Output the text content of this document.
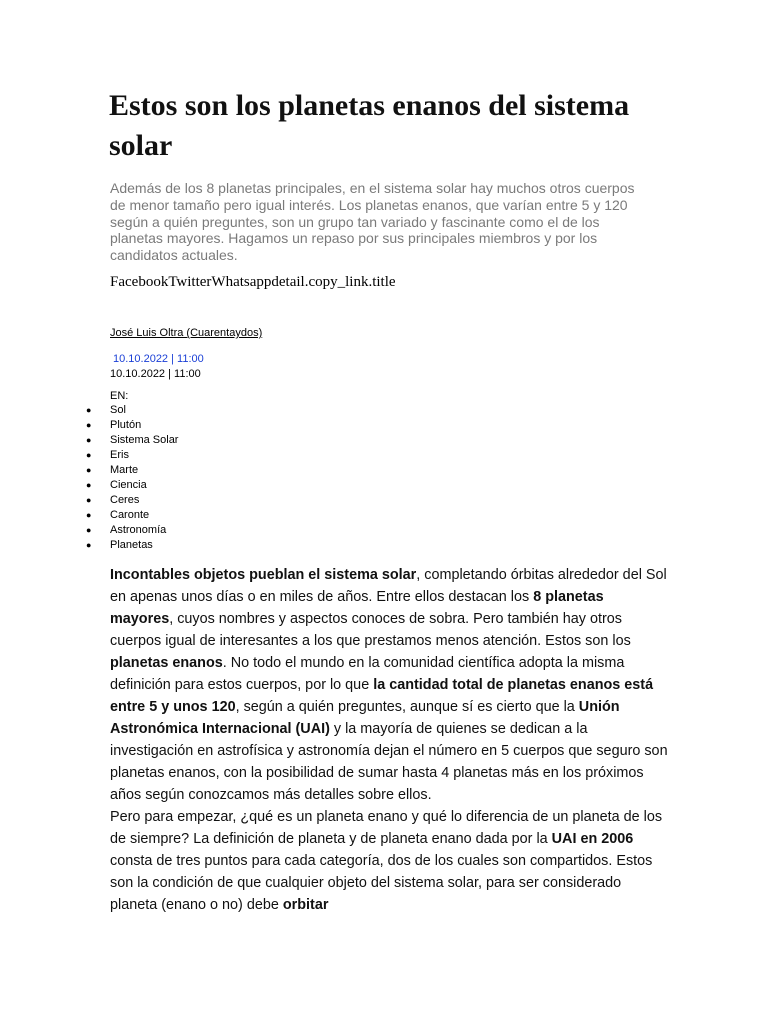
Estos son los planetas enanos del sistema solar

Además de los 8 planetas principales, en el sistema solar hay muchos otros cuerpos de menor tamaño pero igual interés. Los planetas enanos, que varían entre 5 y 120 según a quién preguntes, son un grupo tan variado y fascinante como el de los planetas mayores. Hagamos un repaso por sus principales miembros y por los candidatos actuales.

FacebookTwitterWhatsappdetail.copy_link.title

José Luis Oltra (Cuarentaydos)

10.10.2022 | 11:00

10.10.2022 | 11:00

EN:

● Sol
● Plutón
● Sistema Solar
● Eris
● Marte
● Ciencia
● Ceres
● Caronte
● Astronomía
● Planetas
Incontables objetos pueblan el sistema solar, completando órbitas alrededor del Sol en apenas unos días o en miles de años. Entre ellos destacan los 8 planetas mayores, cuyos nombres y aspectos conoces de sobra. Pero también hay otros cuerpos igual de interesantes a los que prestamos menos atención. Estos son los planetas enanos. No todo el mundo en la comunidad científica adopta la misma definición para estos cuerpos, por lo que la cantidad total de planetas enanos está entre 5 y unos 120, según a quién preguntes, aunque sí es cierto que la Unión Astronómica Internacional (UAI) y la mayoría de quienes se dedican a la investigación en astrofísica y astronomía dejan el número en 5 cuerpos que seguro son planetas enanos, con la posibilidad de sumar hasta 4 planetas más en los próximos años según conozcamos más detalles sobre ellos.
Pero para empezar, ¿qué es un planeta enano y qué lo diferencia de un planeta de los de siempre? La definición de planeta y de planeta enano dada por la UAI en 2006 consta de tres puntos para cada categoría, dos de los cuales son compartidos. Estos son la condición de que cualquier objeto del sistema solar, para ser considerado planeta (enano o no) debe orbitar
